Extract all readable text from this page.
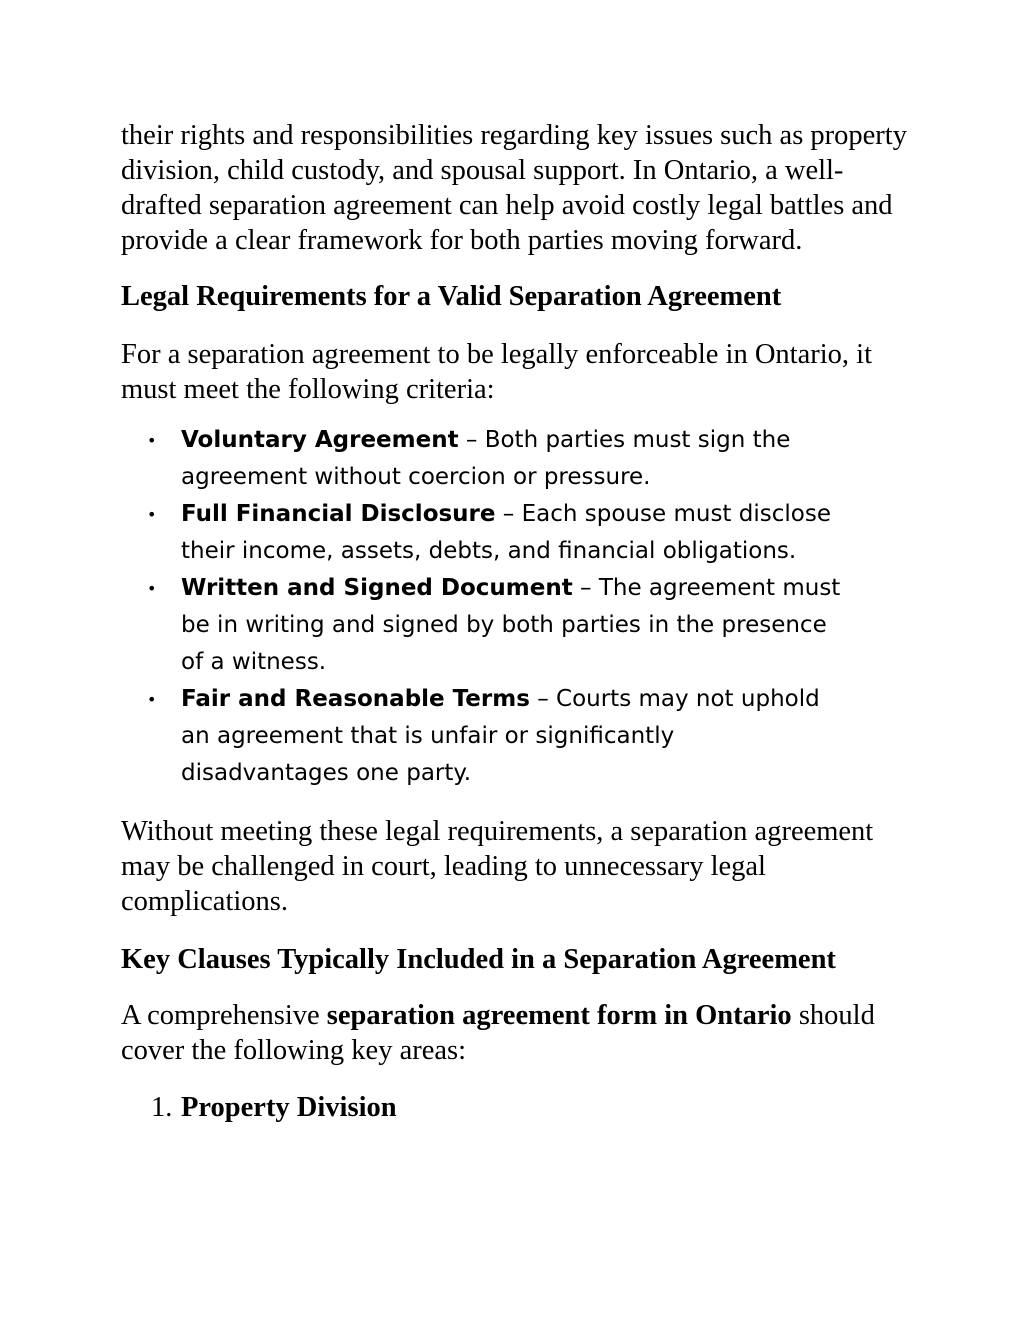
their rights and responsibilities regarding key issues such as property division, child custody, and spousal support. In Ontario, a well-drafted separation agreement can help avoid costly legal battles and provide a clear framework for both parties moving forward.

Legal Requirements for a Valid Separation Agreement

For a separation agreement to be legally enforceable in Ontario, it must meet the following criteria:

• Voluntary Agreement – Both parties must sign the agreement without coercion or pressure.
• Full Financial Disclosure – Each spouse must disclose their income, assets, debts, and financial obligations.
• Written and Signed Document – The agreement must be in writing and signed by both parties in the presence of a witness.
• Fair and Reasonable Terms – Courts may not uphold an agreement that is unfair or significantly disadvantages one party.

Without meeting these legal requirements, a separation agreement may be challenged in court, leading to unnecessary legal complications.

Key Clauses Typically Included in a Separation Agreement

A comprehensive separation agreement form in Ontario should cover the following key areas:

1. Property Division
